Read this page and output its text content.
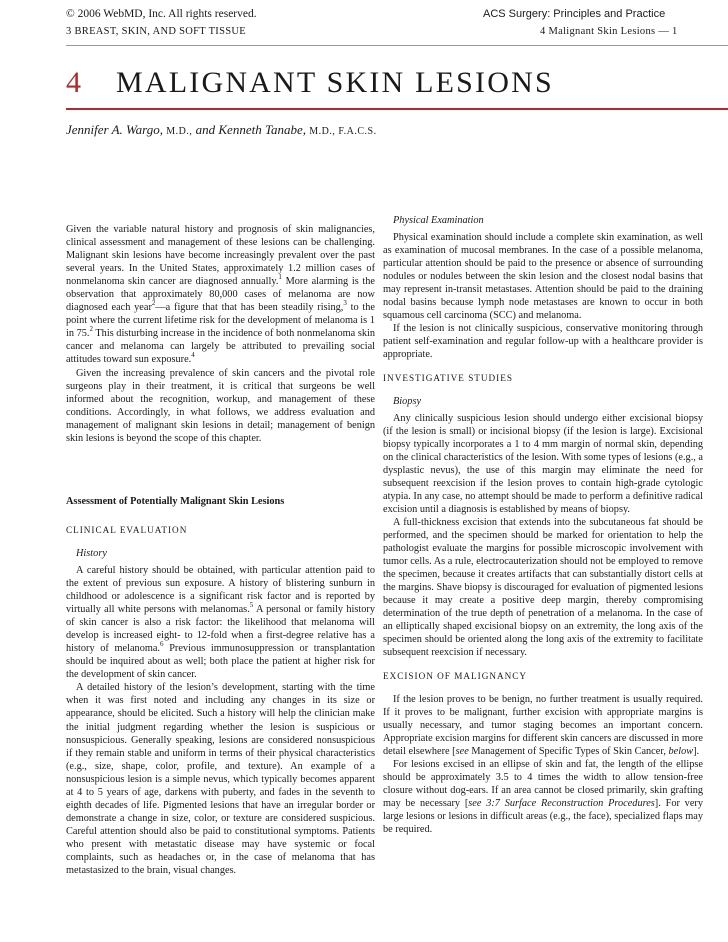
© 2006 WebMD, Inc. All rights reserved.	ACS Surgery: Principles and Practice
3 BREAST, SKIN, AND SOFT TISSUE	4 Malignant Skin Lesions — 1
4 MALIGNANT SKIN LESIONS
Jennifer A. Wargo, M.D., and Kenneth Tanabe, M.D., F.A.C.S.

Given the variable natural history and prognosis of skin malignancies, clinical assessment and management of these lesions can be challenging. Malignant skin lesions have become increasingly prevalent over the past several years. In the United States, approximately 1.2 million cases of nonmelanoma skin cancer are diagnosed annually.$^1$ More alarming is the observation that approximately 80,000 cases of melanoma are now diagnosed each year$^2$—a figure that that has been steadily rising,$^3$ to the point where the current lifetime risk for the development of melanoma is 1 in 75.$^2$ This disturbing increase in the incidence of both nonmelanoma skin cancer and melanoma can largely be attributed to prevailing social attitudes toward sun exposure.$^4$

Given the increasing prevalence of skin cancers and the pivotal role surgeons play in their treatment, it is critical that surgeons be well informed about the recognition, workup, and management of these conditions. Accordingly, in what follows, we address evaluation and management of malignant skin lesions in detail; management of benign skin lesions is beyond the scope of this chapter.

Assessment of Potentially Malignant Skin Lesions
CLINICAL EVALUATION
History

A careful history should be obtained, with particular attention paid to the extent of previous sun exposure. A history of blistering sunburn in childhood or adolescence is a significant risk factor and is reported by virtually all white persons with melanomas.$^5$ A personal or family history of skin cancer is also a risk factor: the likelihood that melanoma will develop is increased eight- to 12-fold when a first-degree relative has a history of melanoma.$^6$ Previous immunosuppression or transplantation should be inquired about as well; both place the patient at higher risk for the development of skin cancer.

A detailed history of the lesion’s development, starting with the time when it was first noted and including any changes in its size or appearance, should be elicited. Such a history will help the clinician make the initial judgment regarding whether the lesion is suspicious or nonsuspicious. Generally speaking, lesions are considered nonsuspicious if they remain stable and uniform in terms of their physical characteristics (e.g., size, shape, color, profile, and texture). An example of a nonsuspicious lesion is a simple nevus, which typically becomes apparent at 4 to 5 years of age, darkens with puberty, and fades in the seventh to eighth decades of life. Pigmented lesions that have an irregular border or demonstrate a change in size, color, or texture are considered suspicious. Careful attention should also be paid to constitutional symptoms. Patients who present with metastatic disease may have systemic or focal complaints, such as headaches or, in the case of melanoma that has metastasized to the brain, visual changes.

Physical Examination

Physical examination should include a complete skin examination, as well as examination of mucosal membranes. In the case of a possible melanoma, particular attention should be paid to the presence or absence of surrounding nodules or nodules between the skin lesion and the closest nodal basins that may represent in-transit metastases. Attention should be paid to the draining nodal basins because lymph node metastases are known to occur in both squamous cell carcinoma (SCC) and melanoma.

If the lesion is not clinically suspicious, conservative monitoring through patient self-examination and regular follow-up with a healthcare provider is appropriate.

INVESTIGATIVE STUDIES
Biopsy

Any clinically suspicious lesion should undergo either excisional biopsy (if the lesion is small) or incisional biopsy (if the lesion is large). Excisional biopsy typically incorporates a 1 to 4 mm margin of normal skin, depending on the clinical characteristics of the lesion. With some types of lesions (e.g., a dysplastic nevus), the use of this margin may eliminate the need for subsequent reexcision if the lesion proves to contain high-grade cytologic atypia. In any case, no attempt should be made to perform a definitive radical excision until a diagnosis is established by means of biopsy.

A full-thickness excision that extends into the subcutaneous fat should be performed, and the specimen should be marked for orientation to help the pathologist evaluate the margins for possible microscopic involvement with tumor cells. As a rule, electrocauterization should not be employed to remove the specimen, because it creates artifacts that can substantially distort cells at the margins. Shave biopsy is discouraged for evaluation of pigmented lesions because it may create a positive deep margin, thereby compromising determination of the true depth of penetration of a melanoma. In the case of an elliptically shaped excisional biopsy on an extremity, the long axis of the specimen should be oriented along the long axis of the extremity to facilitate subsequent reexcision if necessary.

EXCISION OF MALIGNANCY

If the lesion proves to be benign, no further treatment is usually required. If it proves to be malignant, further excision with appropriate margins is usually necessary, and tumor staging becomes an important concern. Appropriate excision margins for different skin cancers are discussed in more detail elsewhere [see Management of Specific Types of Skin Cancer, below].

For lesions excised in an ellipse of skin and fat, the length of the ellipse should be approximately 3.5 to 4 times the width to allow tension-free closure without dog-ears. If an area cannot be closed primarily, skin grafting may be necessary [see 3:7 Surface Reconstruction Procedures]. For very large lesions or lesions in difficult areas (e.g., the face), specialized flaps may be required.
